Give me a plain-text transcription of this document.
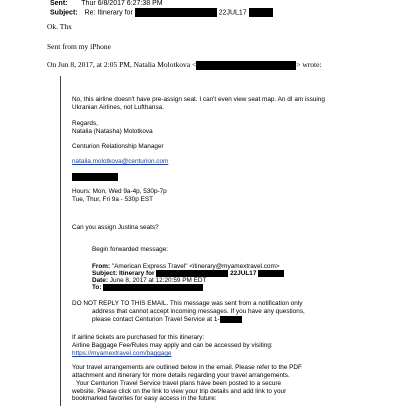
Sent: Thur 6/8/2017 6:27:38 PM
Subject: Re: Itinerary for	22JUL17
Ok. Thx
Sent from my iPhone
On Jun 8, 2017, at 2:05 PM, Natalia Molotkova <	> wrote:
No, this airline doesn't have pre-assign seat. I can't even view seat map. An dI am issuing
Ukranian Airlines, not Lufthansa.
Regards,
Natalia (Natasha) Molotkova
Centurion Relationship Manager
natalia.molotkova@centurion.com
Hours: Mon, Wed 9a-4p, 530p-7p
Tue, Thur, Fri 9a - 530p EST
Can you assign Justina seats?
Begin forwarded message:
From: "American Express Travel" <itinerary@myamextravel.com>
Subject: Itinerary for	22JUL17
Date: June 8, 2017 at 12:20:59 PM EDT
To:
DO NOT REPLY TO THIS EMAIL. This message was sent from a notification only
address that cannot accept incoming messages. If you have any questions,
please contact Centurion Travel Service at 1-
If airline tickets are purchased for this itinerary:
Airline Baggage Fee/Rules may apply and can be accessed by visiting:
https://myamextravel.com/baggage
Your travel arrangements are outlined below in the email. Please refer to the PDF
attachment and itinerary for more details regarding your travel arrangements.
Your Centurion Travel Service travel plans have been posted to a secure
website. Please click on the link to view your trip details and add link to your
bookmarked favorites for easy access in the future:
